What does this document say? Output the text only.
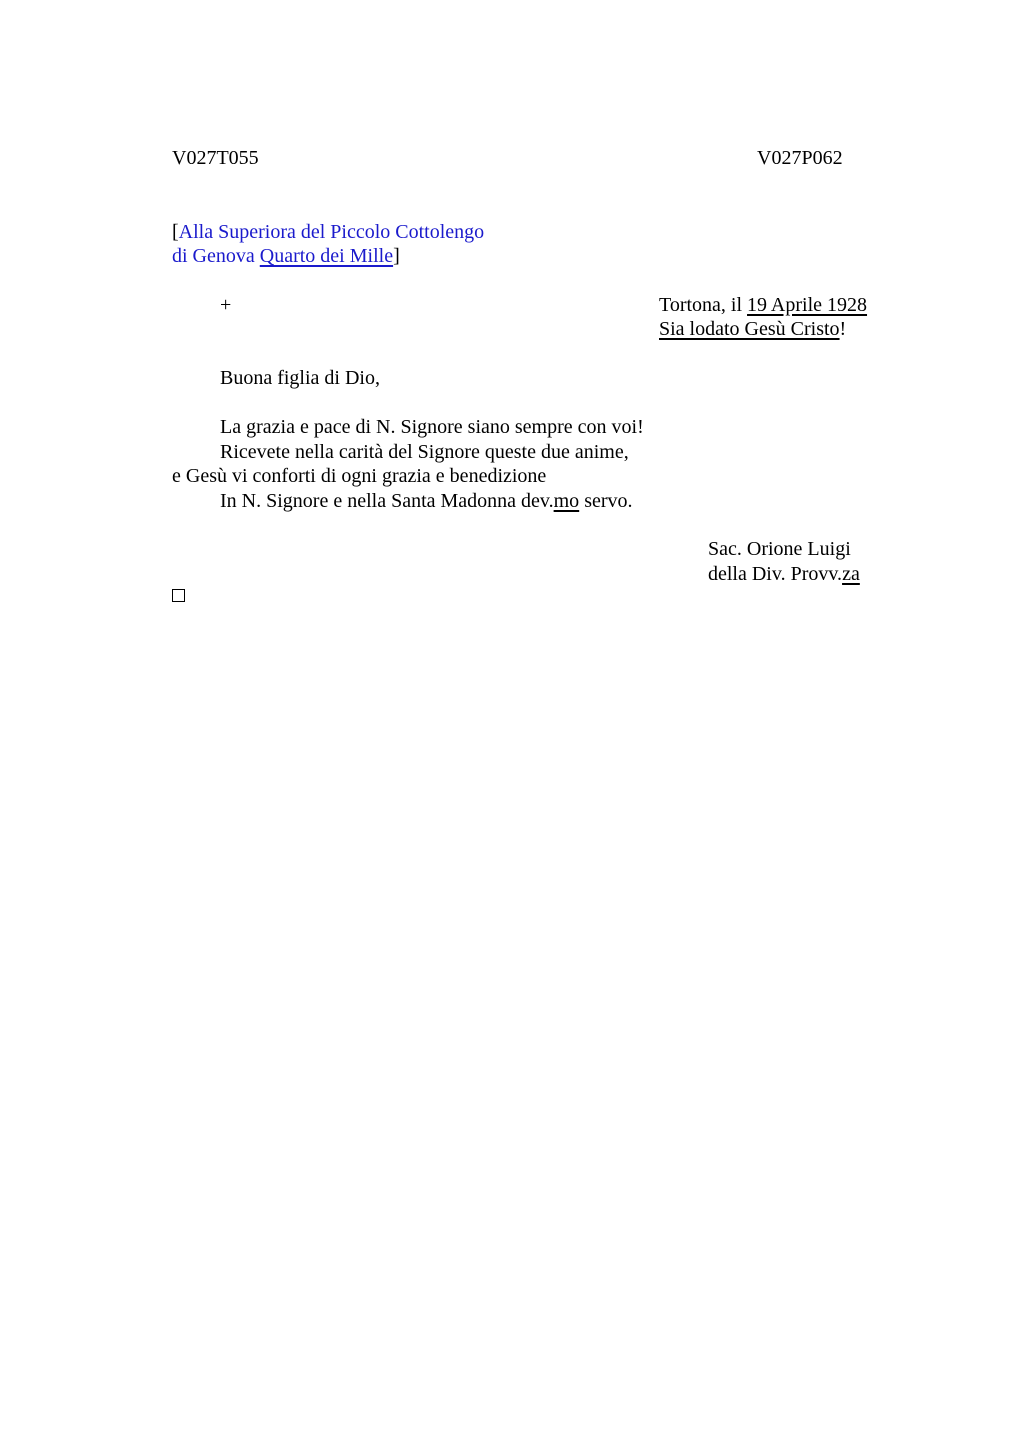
V027T055	V027P062
[Alla Superiora del Piccolo Cottolengo
di Genova Quarto dei Mille]
+	Tortona, il 19 Aprile 1928
Sia lodato Gesù Cristo!
Buona figlia di Dio,
La grazia e pace di N. Signore siano sempre con voi!
Ricevete nella carità del Signore queste due anime,
e Gesù vi conforti di ogni grazia e benedizione
In N. Signore e nella Santa Madonna dev.mo servo.
Sac. Orione Luigi
della Div. Provv.za
